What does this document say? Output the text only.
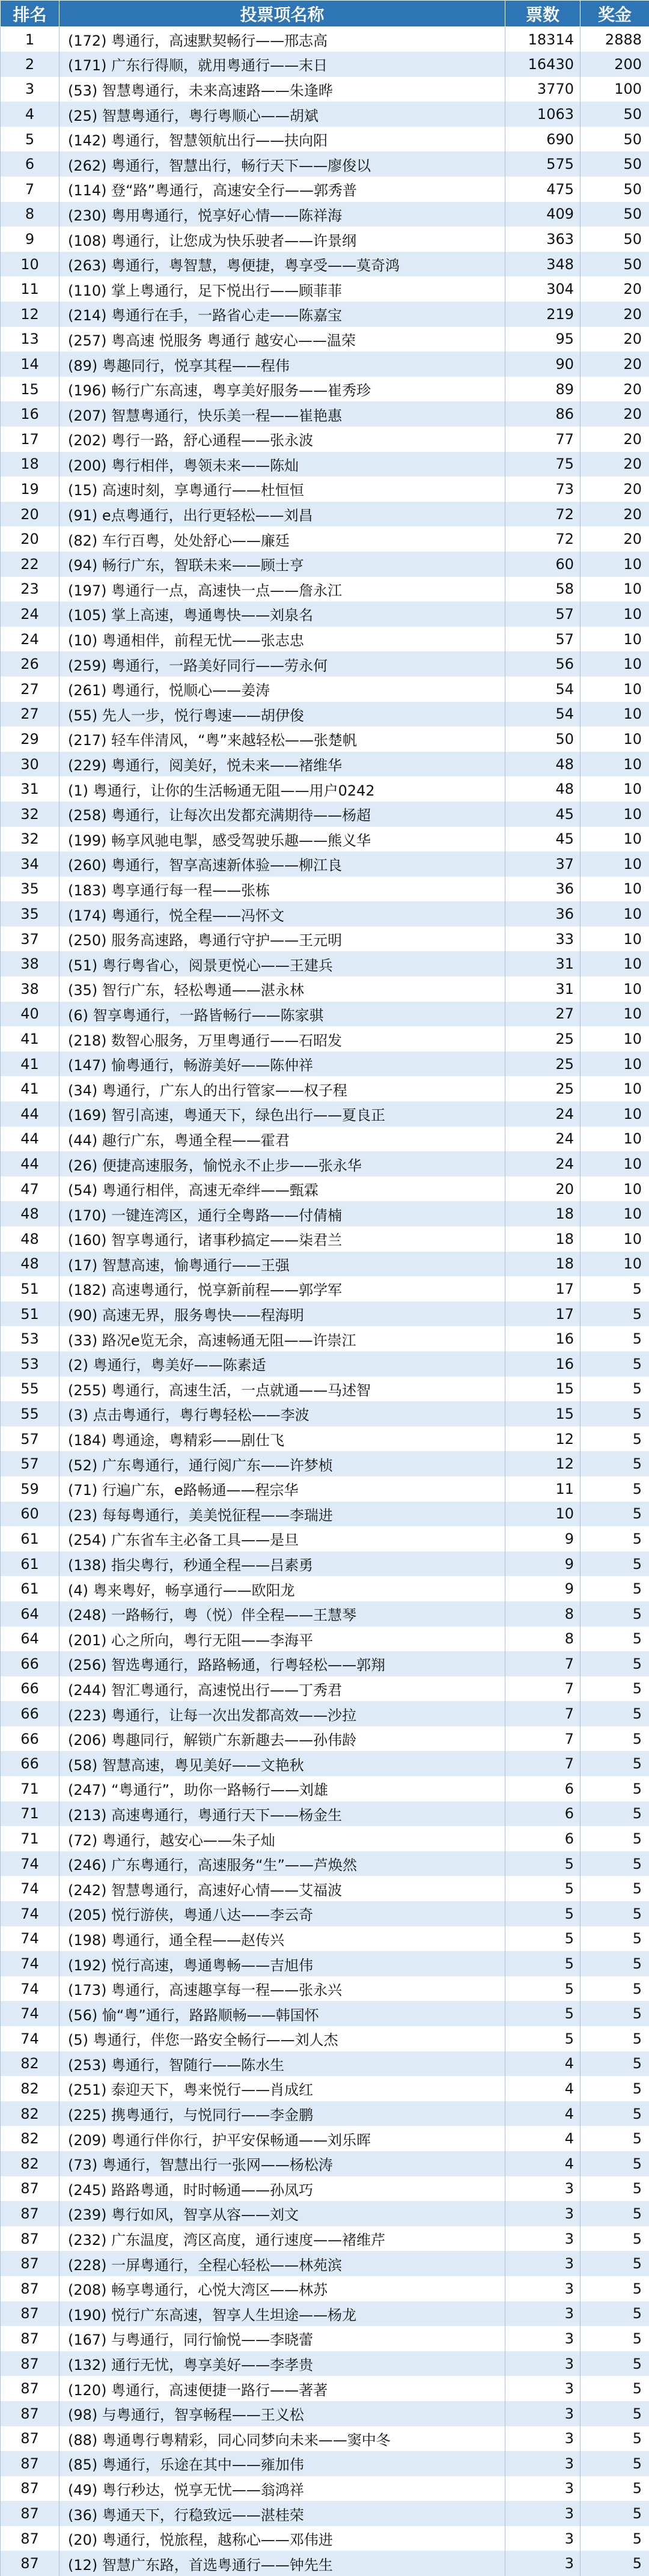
排名	投票项名称	票数	奖金
1	(172) 粤通行，高速默契畅行——邢志高	18314	2888
2	(171) 广东行得顺，就用粤通行——末日	16430	200
3	(53) 智慧粤通行，未来高速路——朱逢晔	3770	100
4	(25) 智慧粤通行，粤行粤顺心——胡斌	1063	50
5	(142) 粤通行，智慧领航出行——扶向阳	690	50
6	(262) 粤通行，智慧出行，畅行天下——廖俊以	575	50
7	(114) 登“路”粤通行，高速安全行——郭秀普	475	50
8	(230) 粤用粤通行，悦享好心情——陈祥海	409	50
9	(108) 粤通行，让您成为快乐驶者——许景纲	363	50
10	(263) 粤通行，粤智慧，粤便捷，粤享受——莫奇鸿	348	50
11	(110) 掌上粤通行，足下悦出行——顾菲菲	304	20
12	(214) 粤通行在手，一路省心走——陈嘉宝	219	20
13	(257) 粤高速 悦服务 粤通行 越安心——温荣	95	20
14	(89) 粤趣同行，悦享其程——程伟	90	20
15	(196) 畅行广东高速，粤享美好服务——崔秀珍	89	20
16	(207) 智慧粤通行，快乐美一程——崔艳惠	86	20
17	(202) 粤行一路，舒心通程——张永波	77	20
18	(200) 粤行相伴，粤领未来——陈灿	75	20
19	(15) 高速时刻，享粤通行——杜恒恒	73	20
20	(91) e点粤通行，出行更轻松——刘昌	72	20
20	(82) 车行百粤，处处舒心——廉廷	72	20
22	(94) 畅行广东，智联未来——顾士亨	60	10
23	(197) 粤通行一点，高速快一点——詹永江	58	10
24	(105) 掌上高速，粤通粤快——刘泉名	57	10
24	(10) 粤通相伴，前程无忧——张志忠	57	10
26	(259) 粤通行，一路美好同行——劳永何	56	10
27	(261) 粤通行，悦顺心——姜涛	54	10
27	(55) 先人一步，悦行粤速——胡伊俊	54	10
29	(217) 轻车伴清风，“粤”来越轻松——张楚帆	50	10
30	(229) 粤通行，阅美好，悦未来——褚维华	48	10
31	(1) 粤通行，让你的生活畅通无阻——用户0242	48	10
32	(258) 粤通行，让每次出发都充满期待——杨超	45	10
32	(199) 畅享风驰电掣，感受驾驶乐趣——熊义华	45	10
34	(260) 粤通行，智享高速新体验——柳江良	37	10
35	(183) 粤享通行每一程——张栋	36	10
35	(174) 粤通行，悦全程——冯怀文	36	10
37	(250) 服务高速路，粤通行守护——王元明	33	10
38	(51) 粤行粤省心，阅景更悦心——王建兵	31	10
38	(35) 智行广东，轻松粤通——湛永林	31	10
40	(6) 智享粤通行，一路皆畅行——陈家骐	27	10
41	(218) 数智心服务，万里粤通行——石昭发	25	10
41	(147) 愉粤通行，畅游美好——陈仲祥	25	10
41	(34) 粤通行，广东人的出行管家——权子程	25	10
44	(169) 智引高速，粤通天下，绿色出行——夏良正	24	10
44	(44) 趣行广东，粤通全程——霍君	24	10
44	(26) 便捷高速服务，愉悦永不止步——张永华	24	10
47	(54) 粤通行相伴，高速无牵绊——甄霖	20	10
48	(170) 一键连湾区，通行全粤路——付倩楠	18	10
48	(160) 智享粤通行，诸事秒搞定——柒君兰	18	10
48	(17) 智慧高速，愉粤通行——王强	18	10
51	(182) 高速粤通行，悦享新前程——郭学军	17	5
51	(90) 高速无界，服务粤快——程海明	17	5
53	(33) 路况e览无余，高速畅通无阻——许崇江	16	5
53	(2) 粤通行，粤美好——陈素适	16	5
55	(255) 粤通行，高速生活，一点就通——马述智	15	5
55	(3) 点击粤通行，粤行粤轻松——李波	15	5
57	(184) 粤通途，粤精彩——剧仕飞	12	5
57	(52) 广东粤通行，通行阅广东——许梦桢	12	5
59	(71) 行遍广东，e路畅通——程宗华	11	5
60	(23) 每每粤通行，美美悦征程——李瑞进	10	5
61	(254) 广东省车主必备工具——是旦	9	5
61	(138) 指尖粤行，秒通全程——吕素勇	9	5
61	(4) 粤来粤好，畅享通行——欧阳龙	9	5
64	(248) 一路畅行，粤（悦）伴全程——王慧琴	8	5
64	(201) 心之所向，粤行无阻——李海平	8	5
66	(256) 智选粤通行，路路畅通，行粤轻松——郭翔	7	5
66	(244) 智汇粤通行，高速悦出行——丁秀君	7	5
66	(223) 粤通行，让每一次出发都高效——沙拉	7	5
66	(206) 粤趣同行，解锁广东新趣去——孙伟龄	7	5
66	(58) 智慧高速，粤见美好——文艳秋	7	5
71	(247) “粤通行”，助你一路畅行——刘雄	6	5
71	(213) 高速粤通行，粤通行天下——杨金生	6	5
71	(72) 粤通行，越安心——朱子灿	6	5
74	(246) 广东粤通行，高速服务“生”——芦焕然	5	5
74	(242) 智慧粤通行，高速好心情——艾福波	5	5
74	(205) 悦行游侠，粤通八达——李云奇	5	5
74	(198) 粤通行，通全程——赵传兴	5	5
74	(192) 悦行高速，粤通粤畅——吉旭伟	5	5
74	(173) 粤通行，高速趣享每一程——张永兴	5	5
74	(56) 愉“粤”通行，路路顺畅——韩国怀	5	5
74	(5) 粤通行，伴您一路安全畅行——刘人杰	5	5
82	(253) 粤通行，智随行——陈水生	4	5
82	(251) 泰迎天下，粤来悦行——肖成红	4	5
82	(225) 携粤通行，与悦同行——李金鹏	4	5
82	(209) 粤通行伴你行，护平安保畅通——刘乐晖	4	5
82	(73) 粤通行，智慧出行一张网——杨松涛	4	5
87	(245) 路路粤通，时时畅通——孙凤巧	3	5
87	(239) 粤行如风，智享从容——刘文	3	5
87	(232) 广东温度，湾区高度，通行速度——褚维芹	3	5
87	(228) 一屏粤通行，全程心轻松——林苑滨	3	5
87	(208) 畅享粤通行，心悦大湾区——林苏	3	5
87	(190) 悦行广东高速，智享人生坦途——杨龙	3	5
87	(167) 与粤通行，同行愉悦——李晓蕾	3	5
87	(132) 通行无忧，粤享美好——李孝贵	3	5
87	(120) 粤通行，高速便捷一路行——著著	3	5
87	(98) 与粤通行，智享畅程——王义松	3	5
87	(88) 粤通粤行粤精彩，同心同梦向未来——窦中冬	3	5
87	(85) 粤通行，乐途在其中——雍加伟	3	5
87	(49) 粤行秒达，悦享无忧——翁鸿祥	3	5
87	(36) 粤通天下，行稳致远——湛桂荣	3	5
87	(20) 粤通行，悦旅程，越称心——邓伟进	3	5
87	(12) 智慧广东路，首选粤通行——钟先生	3	5
